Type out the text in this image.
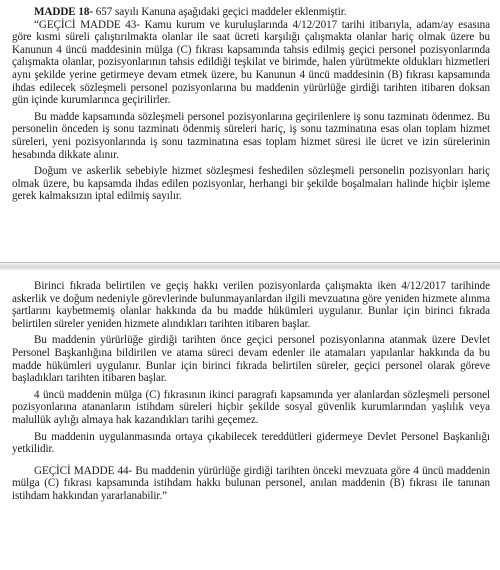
MADDE 18- 657 sayılı Kanuna aşağıdaki geçici maddeler eklenmiştir.

“GEÇİCİ MADDE 43- Kamu kurum ve kuruluşlarında 4/12/2017 tarihi itibarıyla, adam/ay esasına göre kısmi süreli çalıştırılmakta olanlar ile saat ücreti karşılığı çalışmakta olanlar hariç olmak üzere bu Kanunun 4 üncü maddesinin mülga (C) fıkrası kapsamında tahsis edilmiş geçici personel pozisyonlarında çalışmakta olanlar, pozisyonlarının tahsis edildiği teşkilat ve birimde, halen yürütmekte oldukları hizmetleri aynı şekilde yerine getirmeye devam etmek üzere, bu Kanunun 4 üncü maddesinin (B) fıkrası kapsamında ihdas edilecek sözleşmeli personel pozisyonlarına bu maddenin yürürlüğe girdiği tarihten itibaren doksan gün içinde kurumlarınca geçirilirler.

Bu madde kapsamında sözleşmeli personel pozisyonlarına geçirilenlere iş sonu tazminatı ödenmez. Bu personelin önceden iş sonu tazminatı ödenmiş süreleri hariç, iş sonu tazminatına esas olan toplam hizmet süreleri, yeni pozisyonlarında iş sonu tazminatına esas toplam hizmet süresi ile ücret ve izin sürelerinin hesabında dikkate alınır.

Doğum ve askerlik sebebiyle hizmet sözleşmesi feshedilen sözleşmeli personelin pozisyonları hariç olmak üzere, bu kapsamda ihdas edilen pozisyonlar, herhangi bir şekilde boşalmaları halinde hiçbir işleme gerek kalmaksızın iptal edilmiş sayılır.

Birinci fıkrada belirtilen ve geçiş hakkı verilen pozisyonlarda çalışmakta iken 4/12/2017 tarihinde askerlik ve doğum nedeniyle görevlerinde bulunmayanlardan ilgili mevzuatına göre yeniden hizmete alınma şartlarını kaybetmemiş olanlar hakkında da bu madde hükümleri uygulanır. Bunlar için birinci fıkrada belirtilen süreler yeniden hizmete alındıkları tarihten itibaren başlar.

Bu maddenin yürürlüğe girdiği tarihten önce geçici personel pozisyonlarına atanmak üzere Devlet Personel Başkanlığına bildirilen ve atama süreci devam edenler ile atamaları yapılanlar hakkında da bu madde hükümleri uygulanır. Bunlar için birinci fıkrada belirtilen süreler, geçici personel olarak göreve başladıkları tarihten itibaren başlar.

4 üncü maddenin mülga (C) fıkrasının ikinci paragrafı kapsamında yer alanlardan sözleşmeli personel pozisyonlarına atananların istihdam süreleri hiçbir şekilde sosyal güvenlik kurumlarından yaşlılık veya malullük aylığı almaya hak kazandıkları tarihi geçemez.

Bu maddenin uygulanmasında ortaya çıkabilecek tereddütleri gidermeye Devlet Personel Başkanlığı yetkilidir.

GEÇİCİ MADDE 44- Bu maddenin yürürlüğe girdiği tarihten önceki mevzuata göre 4 üncü maddenin mülga (C) fıkrası kapsamında istihdam hakkı bulunan personel, anılan maddenin (B) fıkrası ile tanınan istihdam hakkından yararlanabilir.”
